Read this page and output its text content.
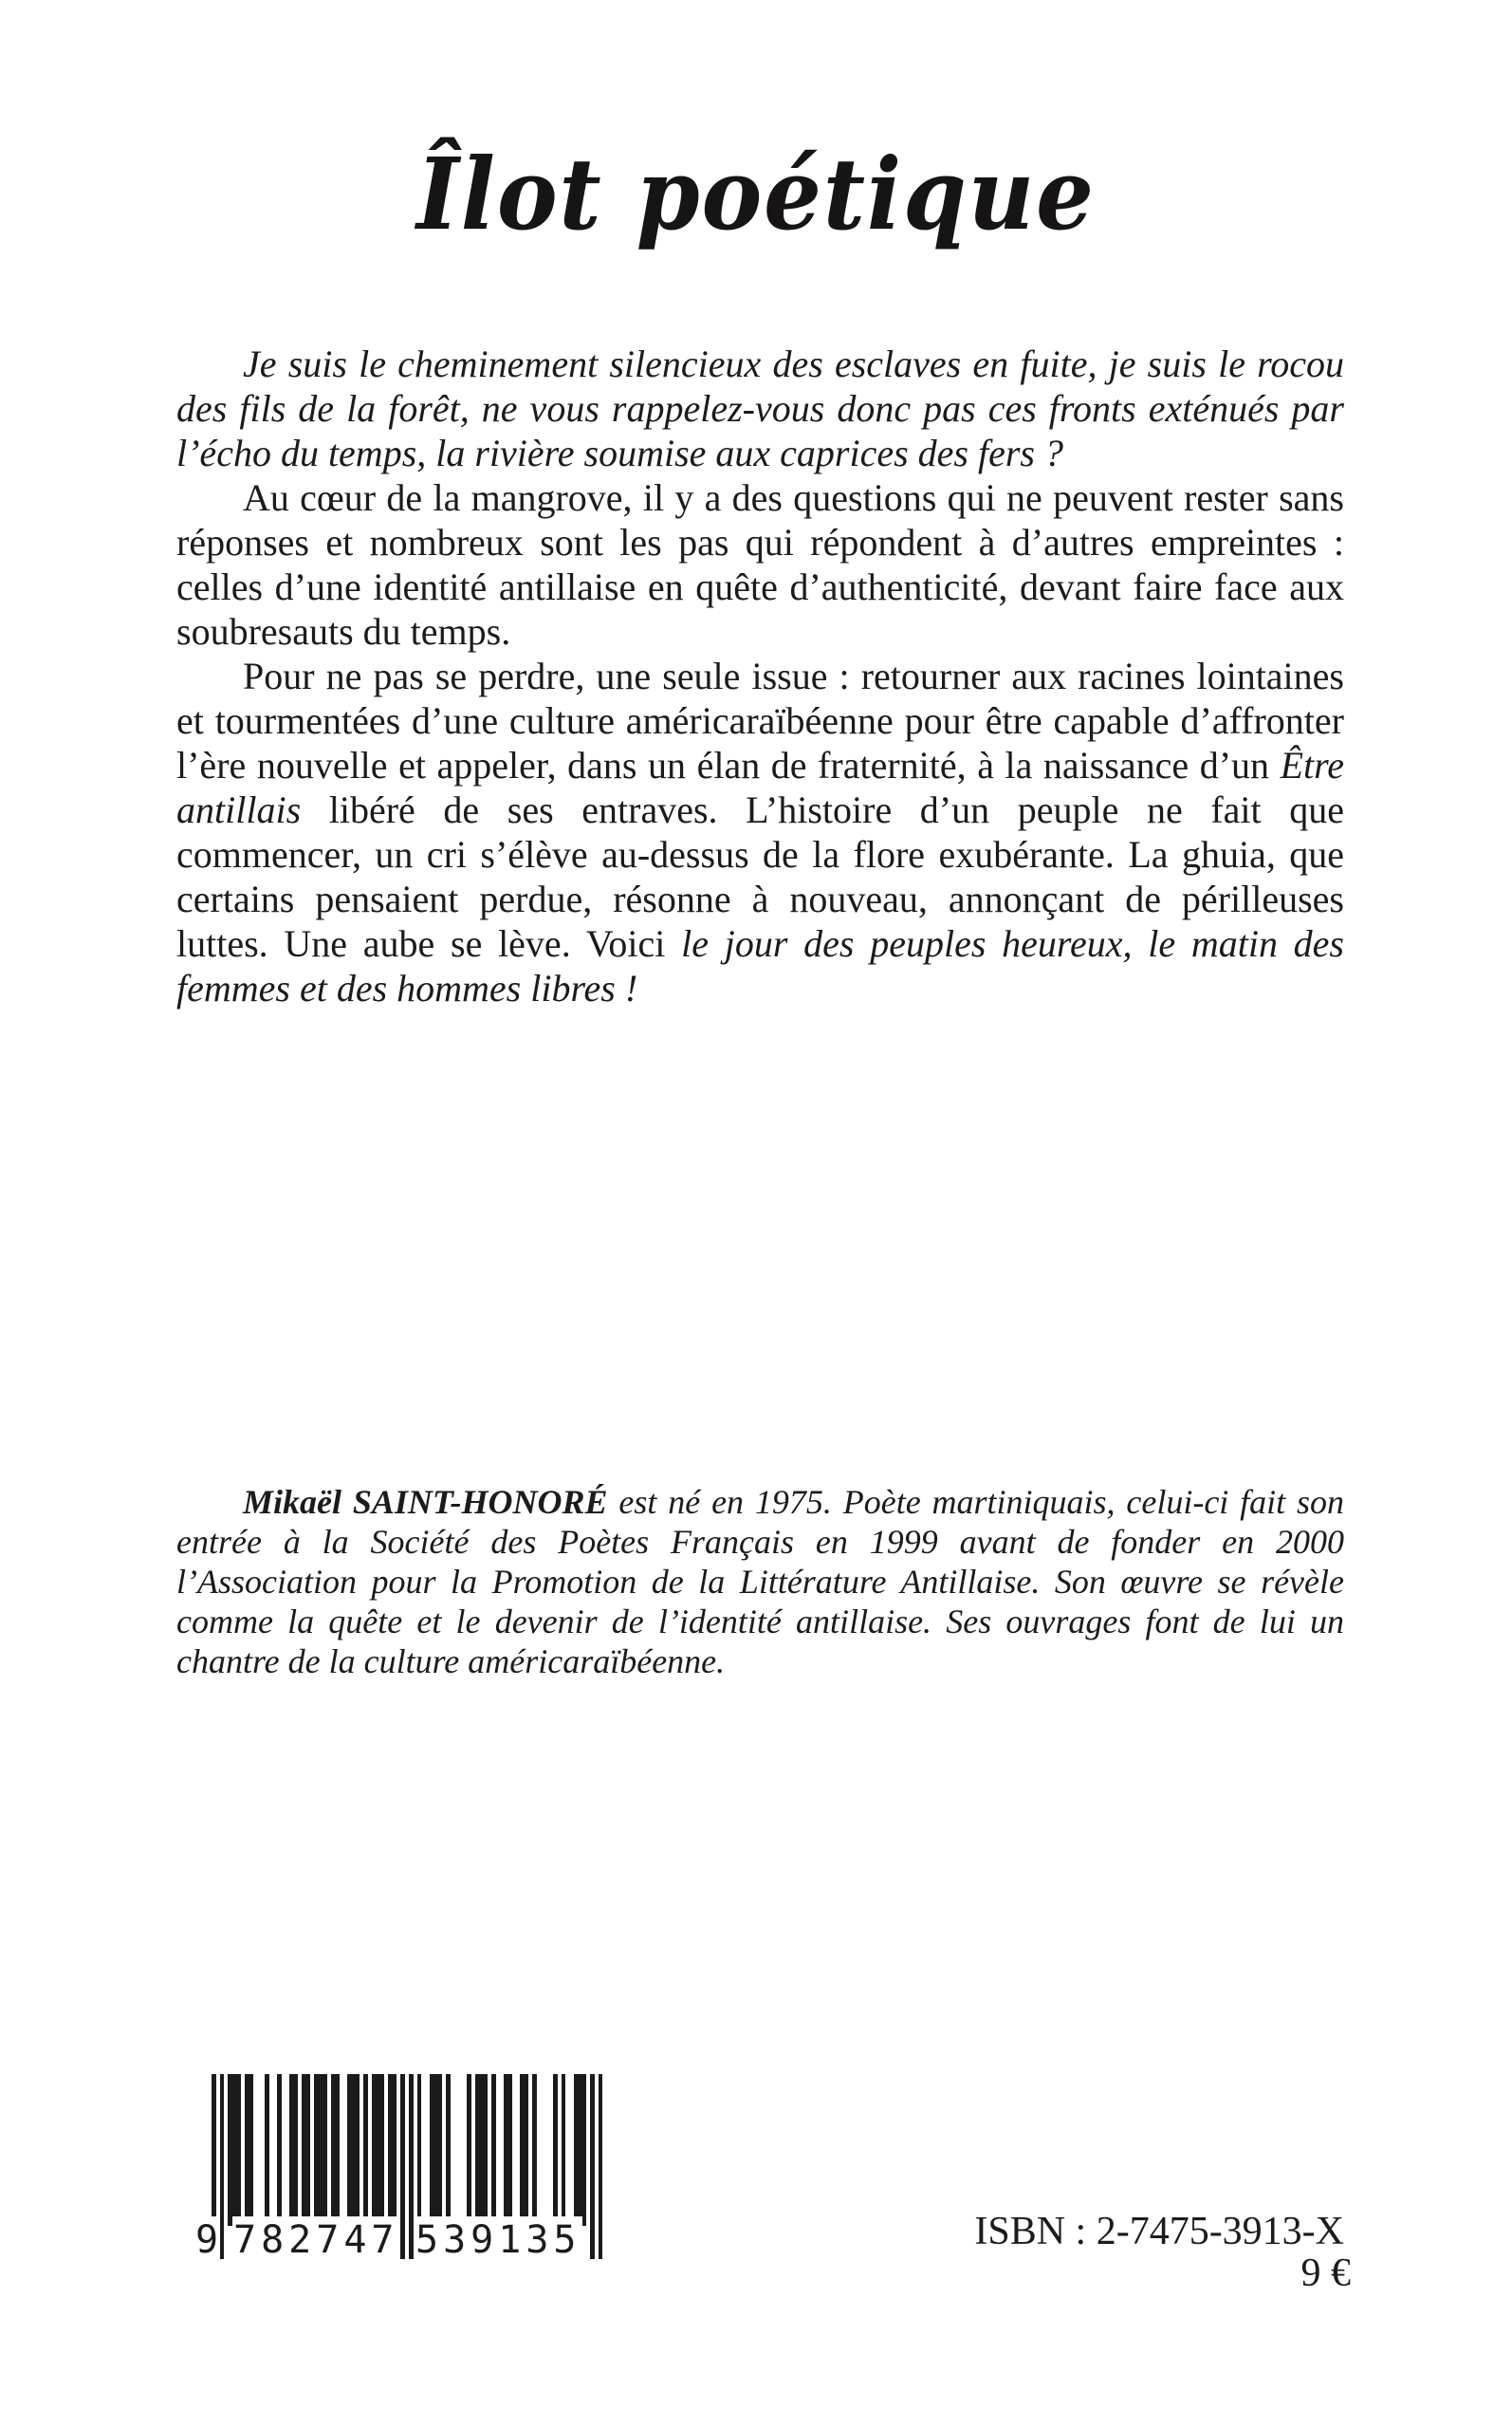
Îlot poétique

Je suis le cheminement silencieux des esclaves en fuite, je suis le rocou des fils de la forêt, ne vous rappelez-vous donc pas ces fronts exténués par l’écho du temps, la rivière soumise aux caprices des fers ?

Au cœur de la mangrove, il y a des questions qui ne peuvent rester sans réponses et nombreux sont les pas qui répondent à d’autres empreintes : celles d’une identité antillaise en quête d’authenticité, devant faire face aux soubresauts du temps.

Pour ne pas se perdre, une seule issue : retourner aux racines lointaines et tourmentées d’une culture américaraïbéenne pour être capable d’affronter l’ère nouvelle et appeler, dans un élan de fraternité, à la naissance d’un Être antillais libéré de ses entraves. L’histoire d’un peuple ne fait que commencer, un cri s’élève au-dessus de la flore exubérante. La ghuia, que certains pensaient perdue, résonne à nouveau, annonçant de périlleuses luttes. Une aube se lève. Voici le jour des peuples heureux, le matin des femmes et des hommes libres !

Mikaël SAINT-HONORÉ est né en 1975. Poète martiniquais, celui-ci fait son entrée à la Société des Poètes Français en 1999 avant de fonder en 2000 l’Association pour la Promotion de la Littérature Antillaise. Son œuvre se révèle comme la quête et le devenir de l’identité antillaise. Ses ouvrages font de lui un chantre de la culture américaraïbéenne.

9 782747 539135	ISBN : 2-7475-3913-X
9 €
